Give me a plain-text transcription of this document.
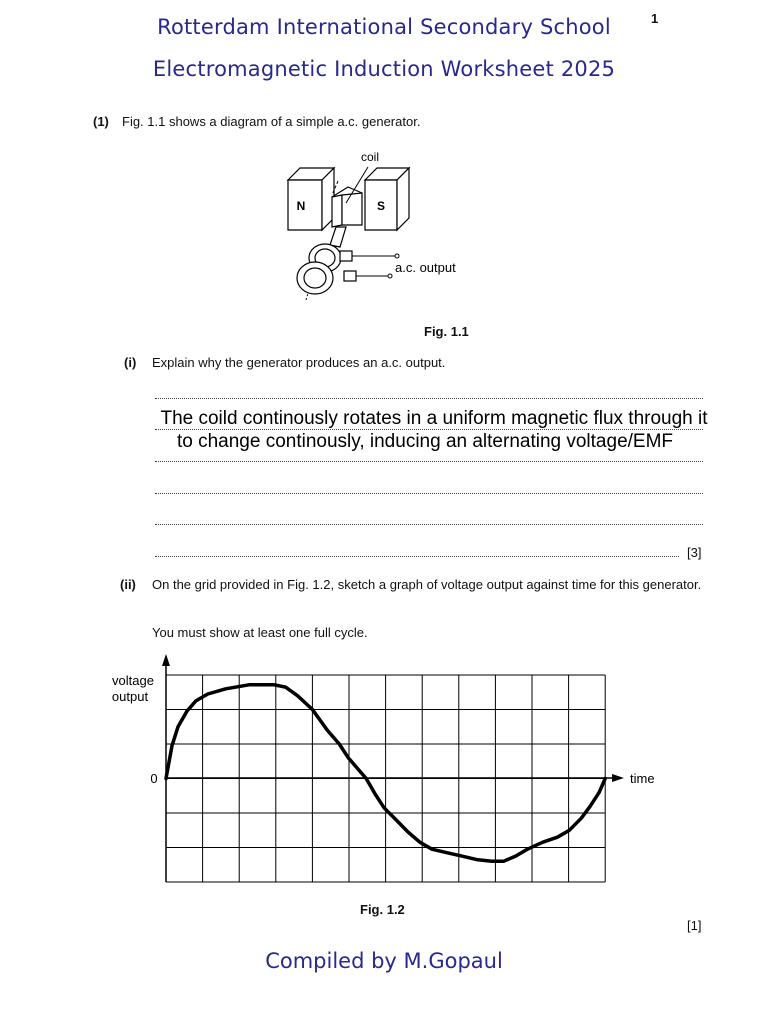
1
Rotterdam International Secondary School
Electromagnetic Induction Worksheet 2025
(1) Fig. 1.1 shows a diagram of a simple a.c. generator.
N	S
coil
a.c. output
Fig. 1.1
(i) Explain why the generator produces an a.c. output.
The coild continously rotates in a uniform magnetic flux through it
to change continously, inducing an alternating voltage/EMF
[3]
(ii) On the grid provided in Fig. 1.2, sketch a graph of voltage output against time for this generator.
You must show at least one full cycle.
voltage
output
0	time
Fig. 1.2
[1]
Compiled by M.Gopaul
